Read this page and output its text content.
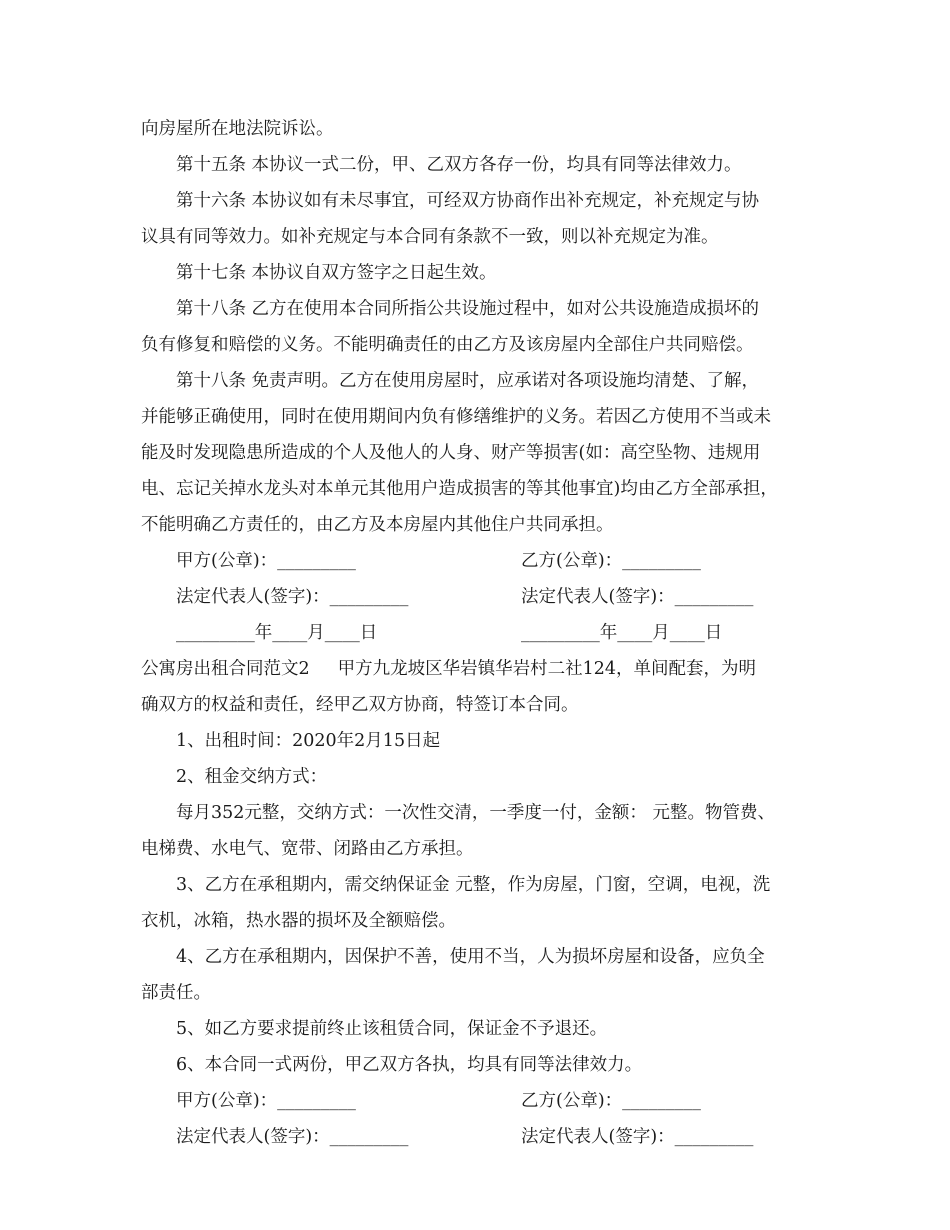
向房屋所在地法院诉讼。
第十五条 本协议一式二份，甲、乙双方各存一份，均具有同等法律效力。
第十六条 本协议如有未尽事宜，可经双方协商作出补充规定，补充规定与协
议具有同等效力。如补充规定与本合同有条款不一致，则以补充规定为准。
第十七条 本协议自双方签字之日起生效。
第十八条 乙方在使用本合同所指公共设施过程中，如对公共设施造成损坏的
负有修复和赔偿的义务。不能明确责任的由乙方及该房屋内全部住户共同赔偿。
第十八条 免责声明。乙方在使用房屋时，应承诺对各项设施均清楚、了解，
并能够正确使用，同时在使用期间内负有修缮维护的义务。若因乙方使用不当或未
能及时发现隐患所造成的个人及他人的人身、财产等损害(如：高空坠物、违规用
电、忘记关掉水龙头对本单元其他用户造成损害的等其他事宜)均由乙方全部承担，
不能明确乙方责任的，由乙方及本房屋内其他住户共同承担。
甲方(公章)：_________	乙方(公章)：_________
法定代表人(签字)：_________	法定代表人(签字)：_________
_________年____月____日	_________年____月____日
公寓房出租合同范文2 甲方九龙坡区华岩镇华岩村二社124，单间配套，为明
确双方的权益和责任，经甲乙双方协商，特签订本合同。
1、出租时间：2020年2月15日起
2、租金交纳方式：
每月352元整，交纳方式：一次性交清，一季度一付，金额： 元整。物管费、
电梯费、水电气、宽带、闭路由乙方承担。
3、乙方在承租期内，需交纳保证金 元整，作为房屋，门窗，空调，电视，洗
衣机，冰箱，热水器的损坏及全额赔偿。
4、乙方在承租期内，因保护不善，使用不当，人为损坏房屋和设备，应负全
部责任。
5、如乙方要求提前终止该租赁合同，保证金不予退还。
6、本合同一式两份，甲乙双方各执，均具有同等法律效力。
甲方(公章)：_________	乙方(公章)：_________
法定代表人(签字)：_________	法定代表人(签字)：_________
